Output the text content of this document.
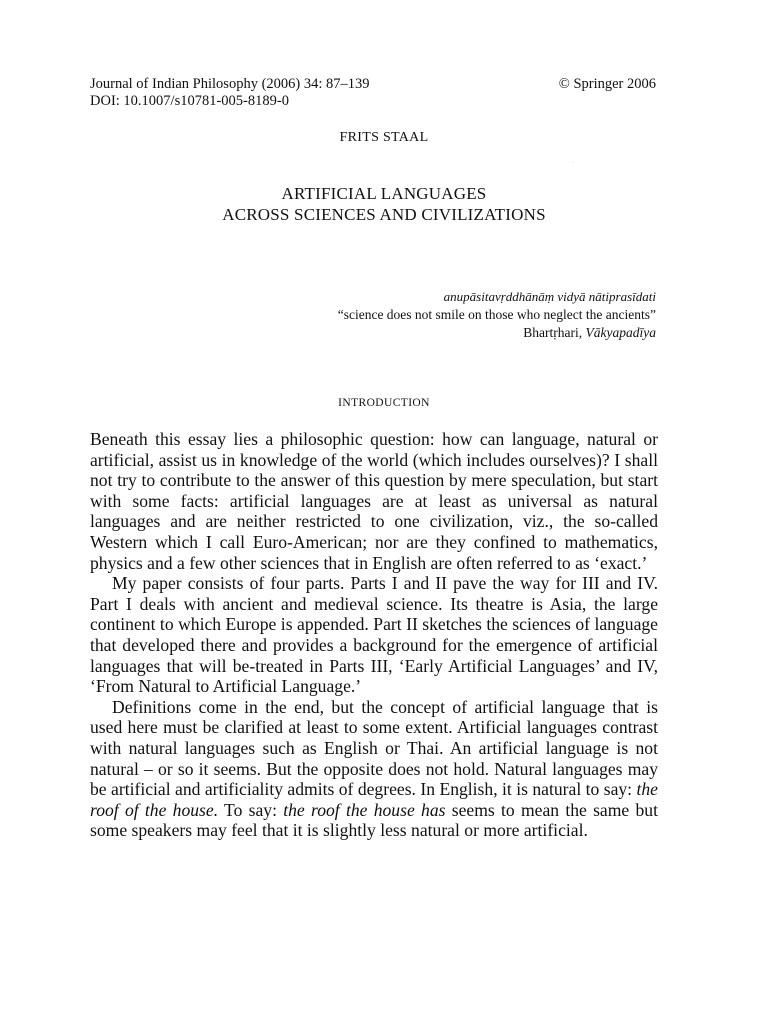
Journal of Indian Philosophy (2006) 34: 87–139
DOI: 10.1007/s10781-005-8189-0
© Springer 2006
·
FRITS STAAL
ARTIFICIAL LANGUAGES
ACROSS SCIENCES AND CIVILIZATIONS
anupāsitavṛddhānāṃ vidyā nātiprasīdati
“science does not smile on those who neglect the ancients”
Bhartṛhari, Vākyapadīya
INTRODUCTION

Beneath this essay lies a philosophic question: how can language, natural or artificial, assist us in knowledge of the world (which includes ourselves)? I shall not try to contribute to the answer of this question by mere speculation, but start with some facts: artificial languages are at least as universal as natural languages and are neither restricted to one civilization, viz., the so-called Western which I call Euro-American; nor are they confined to mathematics, physics and a few other sciences that in English are often referred to as ‘exact.’

My paper consists of four parts. Parts I and II pave the way for III and IV. Part I deals with ancient and medieval science. Its theatre is Asia, the large continent to which Europe is appended. Part II sketches the sciences of language that developed there and provides a background for the emergence of artificial languages that will be-treated in Parts III, ‘Early Artificial Languages’ and IV, ‘From Natural to Artificial Language.’

Definitions come in the end, but the concept of artificial language that is used here must be clarified at least to some extent. Artificial languages contrast with natural languages such as English or Thai. An artificial language is not natural – or so it seems. But the opposite does not hold. Natural languages may be artificial and artificiality admits of degrees. In English, it is natural to say: the roof of the house. To say: the roof the house has seems to mean the same but some speakers may feel that it is slightly less natural or more artificial.
